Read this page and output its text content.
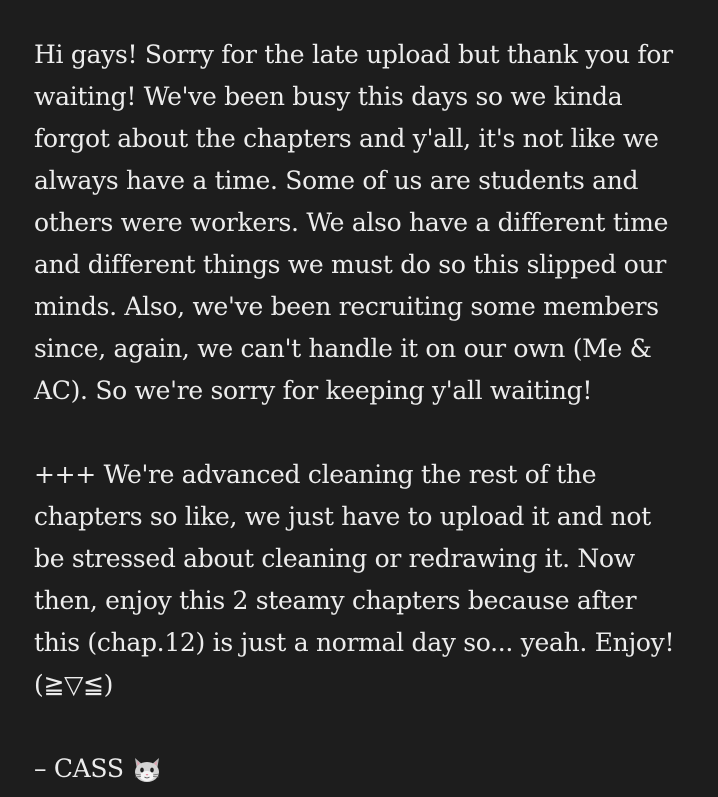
Hi gays! Sorry for the late upload but thank you for waiting! We've been busy this days so we kinda forgot about the chapters and y'all, it's not like we always have a time. Some of us are students and others were workers. We also have a different time and different things we must do so this slipped our minds. Also, we've been recruiting some members since, again, we can't handle it on our own (Me & AC). So we're sorry for keeping y'all waiting!

+++ We're advanced cleaning the rest of the chapters so like, we just have to upload it and not be stressed about cleaning or redrawing it. Now then, enjoy this 2 steamy chapters because after this (chap.12) is just a normal day so... yeah. Enjoy! (≧▽≦)

– CASS
